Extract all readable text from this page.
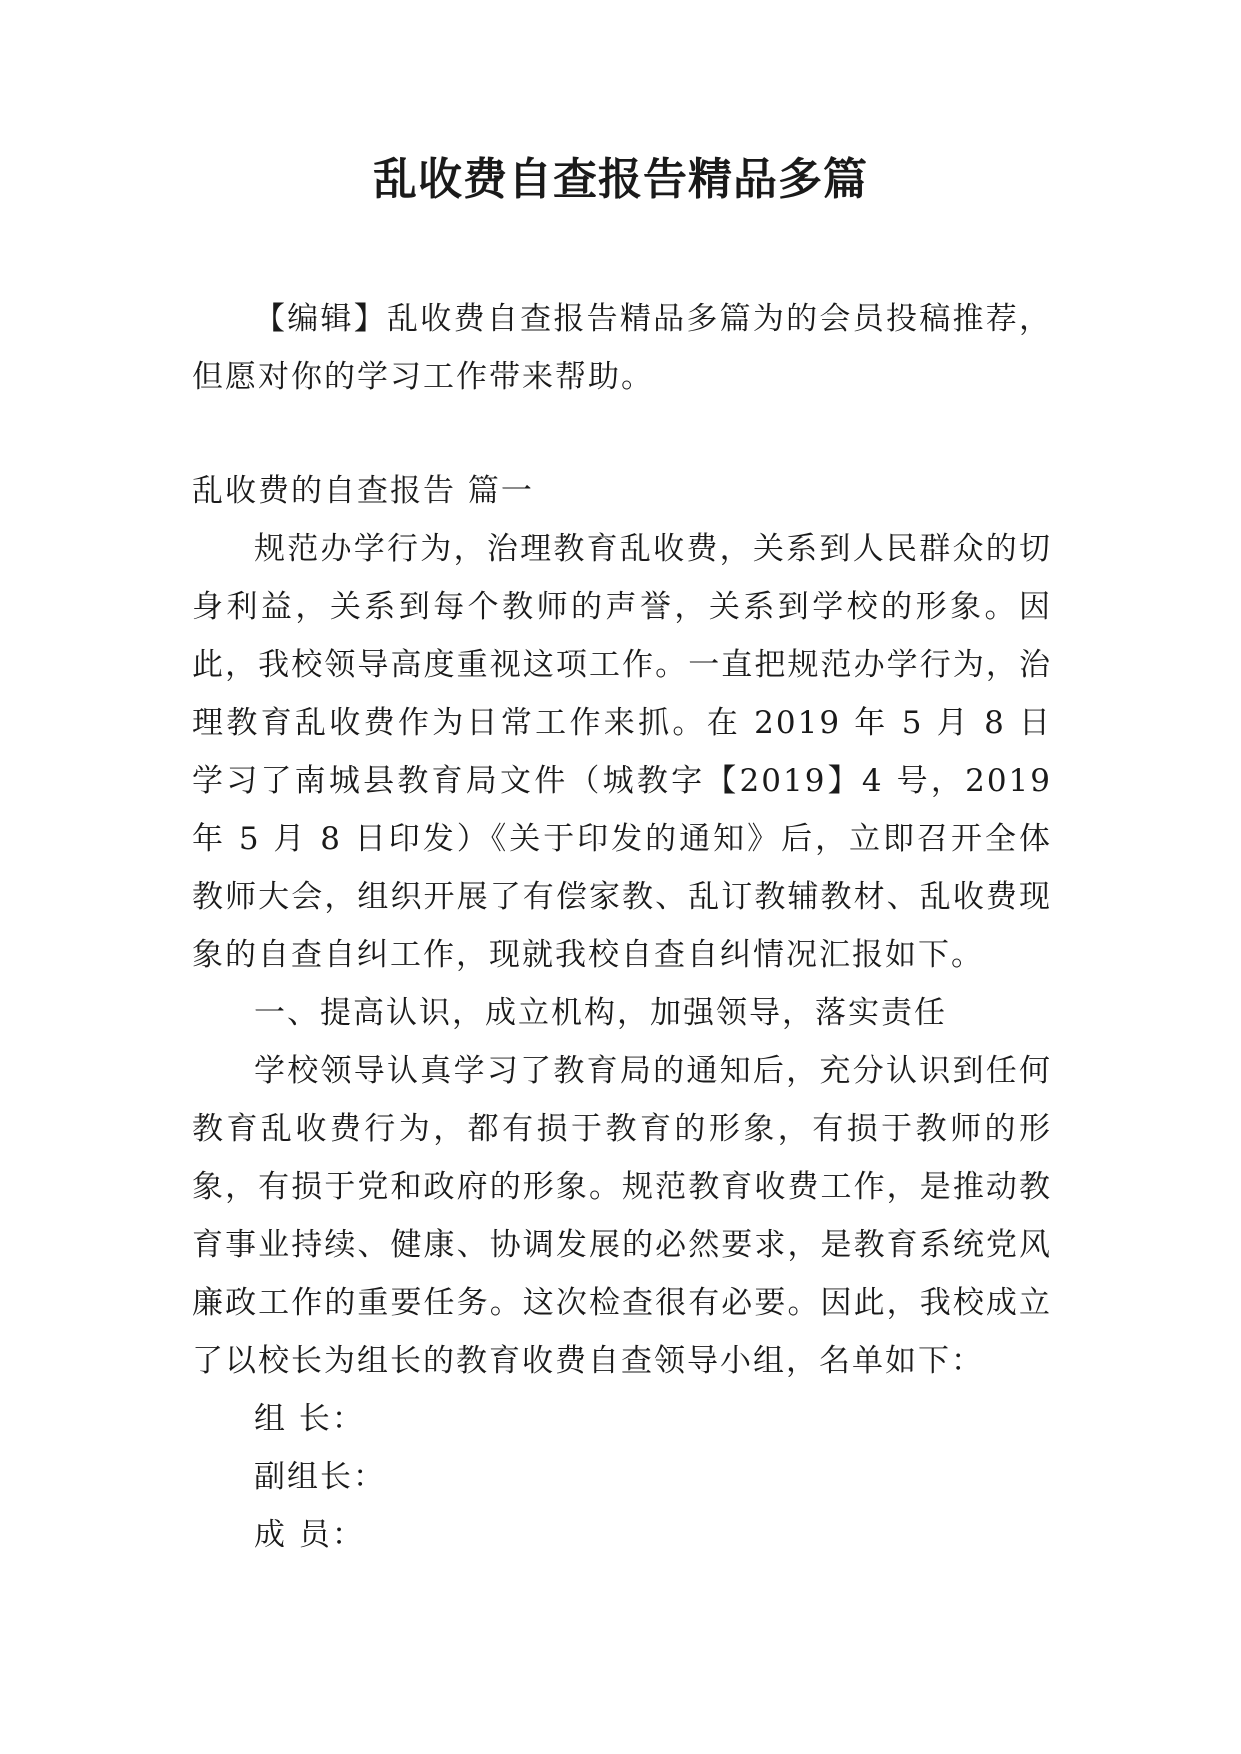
乱收费自查报告精品多篇

【编辑】乱收费自查报告精品多篇为的会员投稿推荐，但愿对你的学习工作带来帮助。

乱收费的自查报告 篇一

规范办学行为，治理教育乱收费，关系到人民群众的切身利益，关系到每个教师的声誉，关系到学校的形象。因此，我校领导高度重视这项工作。一直把规范办学行为，治理教育乱收费作为日常工作来抓。在 2019 年 5 月 8 日学习了南城县教育局文件（城教字【2019】4 号，2019 年 5 月 8 日印发）《关于印发的通知》后，立即召开全体教师大会，组织开展了有偿家教、乱订教辅教材、乱收费现象的自查自纠工作，现就我校自查自纠情况汇报如下。

一、提高认识，成立机构，加强领导，落实责任

学校领导认真学习了教育局的通知后，充分认识到任何教育乱收费行为，都有损于教育的形象，有损于教师的形象，有损于党和政府的形象。规范教育收费工作，是推动教育事业持续、健康、协调发展的必然要求，是教育系统党风廉政工作的重要任务。这次检查很有必要。因此，我校成立了以校长为组长的教育收费自查领导小组，名单如下：

组 长：

副组长：

成 员：
